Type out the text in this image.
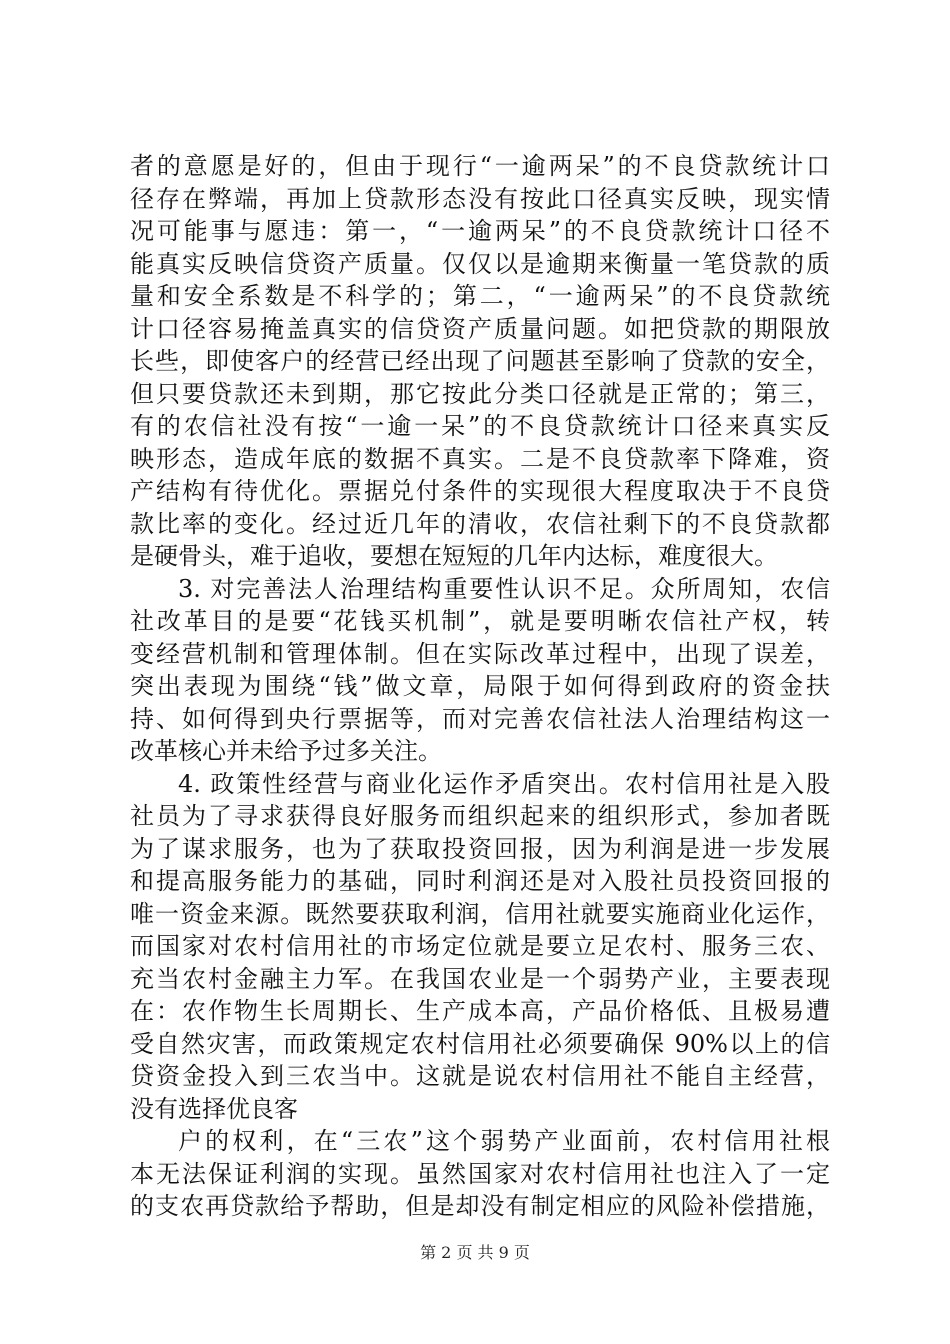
者的意愿是好的，但由于现行“一逾两呆”的不良贷款统计口
径存在弊端，再加上贷款形态没有按此口径真实反映，现实情
况可能事与愿违：第一，“一逾两呆”的不良贷款统计口径不
能真实反映信贷资产质量。仅仅以是逾期来衡量一笔贷款的质
量和安全系数是不科学的；第二，“一逾两呆”的不良贷款统
计口径容易掩盖真实的信贷资产质量问题。如把贷款的期限放
长些，即使客户的经营已经出现了问题甚至影响了贷款的安全，
但只要贷款还未到期，那它按此分类口径就是正常的；第三，
有的农信社没有按“一逾一呆”的不良贷款统计口径来真实反
映形态，造成年底的数据不真实。二是不良贷款率下降难，资
产结构有待优化。票据兑付条件的实现很大程度取决于不良贷
款比率的变化。经过近几年的清收，农信社剩下的不良贷款都
是硬骨头，难于追收，要想在短短的几年内达标，难度很大。
3. 对完善法人治理结构重要性认识不足。众所周知，农信
社改革目的是要“花钱买机制”，就是要明晰农信社产权，转
变经营机制和管理体制。但在实际改革过程中，出现了误差，
突出表现为围绕“钱”做文章，局限于如何得到政府的资金扶
持、如何得到央行票据等，而对完善农信社法人治理结构这一
改革核心并未给予过多关注。
4. 政策性经营与商业化运作矛盾突出。农村信用社是入股
社员为了寻求获得良好服务而组织起来的组织形式，参加者既
为了谋求服务，也为了获取投资回报，因为利润是进一步发展
和提高服务能力的基础，同时利润还是对入股社员投资回报的
唯一资金来源。既然要获取利润，信用社就要实施商业化运作，
而国家对农村信用社的市场定位就是要立足农村、服务三农、
充当农村金融主力军。在我国农业是一个弱势产业，主要表现
在：农作物生长周期长、生产成本高，产品价格低、且极易遭
受自然灾害，而政策规定农村信用社必须要确保 90%以上的信
贷资金投入到三农当中。这就是说农村信用社不能自主经营，
没有选择优良客
户的权利，在“三农”这个弱势产业面前，农村信用社根
本无法保证利润的实现。虽然国家对农村信用社也注入了一定
的支农再贷款给予帮助，但是却没有制定相应的风险补偿措施，
第 2 页 共 9 页
